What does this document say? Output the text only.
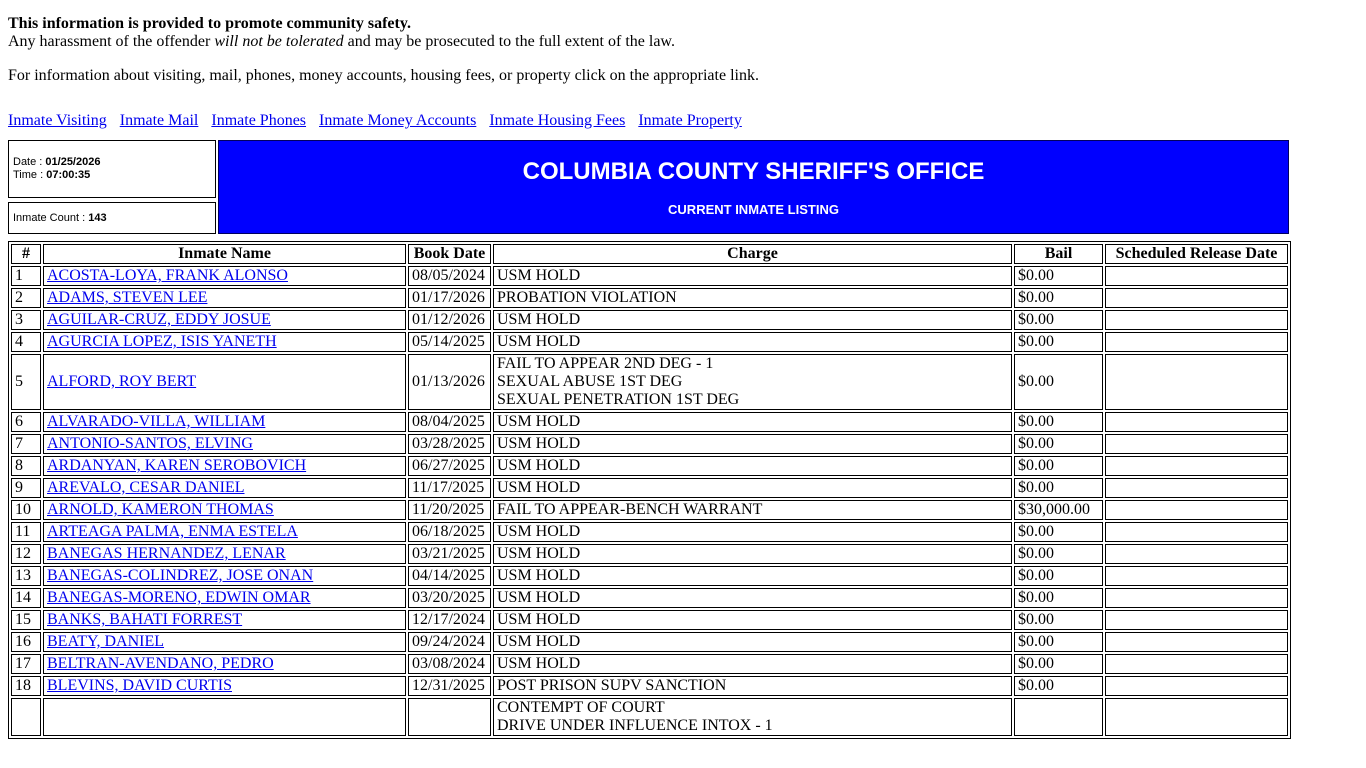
This information is provided to promote community safety.
Any harassment of the offender will not be tolerated and may be prosecuted to the full extent of the law.
For information about visiting, mail, phones, money accounts, housing fees, or property click on the appropriate link.
Inmate Visiting Inmate Mail Inmate Phones Inmate Money Accounts Inmate Housing Fees Inmate Property
Date : 01/25/2026
Time : 07:00:35
Inmate Count : 143
COLUMBIA COUNTY SHERIFF'S OFFICE
CURRENT INMATE LISTING
#	Inmate Name	Book Date	Charge	Bail	Scheduled Release Date
1	ACOSTA-LOYA, FRANK ALONSO	08/05/2024	USM HOLD	$0.00	
2	ADAMS, STEVEN LEE	01/17/2026	PROBATION VIOLATION	$0.00	
3	AGUILAR-CRUZ, EDDY JOSUE	01/12/2026	USM HOLD	$0.00	
4	AGURCIA LOPEZ, ISIS YANETH	05/14/2025	USM HOLD	$0.00	
5	ALFORD, ROY BERT	01/13/2026	FAIL TO APPEAR 2ND DEG - 1
SEXUAL ABUSE 1ST DEG
SEXUAL PENETRATION 1ST DEG	$0.00	
6	ALVARADO-VILLA, WILLIAM	08/04/2025	USM HOLD	$0.00	
7	ANTONIO-SANTOS, ELVING	03/28/2025	USM HOLD	$0.00	
8	ARDANYAN, KAREN SEROBOVICH	06/27/2025	USM HOLD	$0.00	
9	AREVALO, CESAR DANIEL	11/17/2025	USM HOLD	$0.00	
10	ARNOLD, KAMERON THOMAS	11/20/2025	FAIL TO APPEAR-BENCH WARRANT	$30,000.00	
11	ARTEAGA PALMA, ENMA ESTELA	06/18/2025	USM HOLD	$0.00	
12	BANEGAS HERNANDEZ, LENAR	03/21/2025	USM HOLD	$0.00	
13	BANEGAS-COLINDREZ, JOSE ONAN	04/14/2025	USM HOLD	$0.00	
14	BANEGAS-MORENO, EDWIN OMAR	03/20/2025	USM HOLD	$0.00	
15	BANKS, BAHATI FORREST	12/17/2024	USM HOLD	$0.00	
16	BEATY, DANIEL	09/24/2024	USM HOLD	$0.00	
17	BELTRAN-AVENDANO, PEDRO	03/08/2024	USM HOLD	$0.00	
18	BLEVINS, DAVID CURTIS	12/31/2025	POST PRISON SUPV SANCTION	$0.00	

			CONTEMPT OF COURT
DRIVE UNDER INFLUENCE INTOX - 1		
